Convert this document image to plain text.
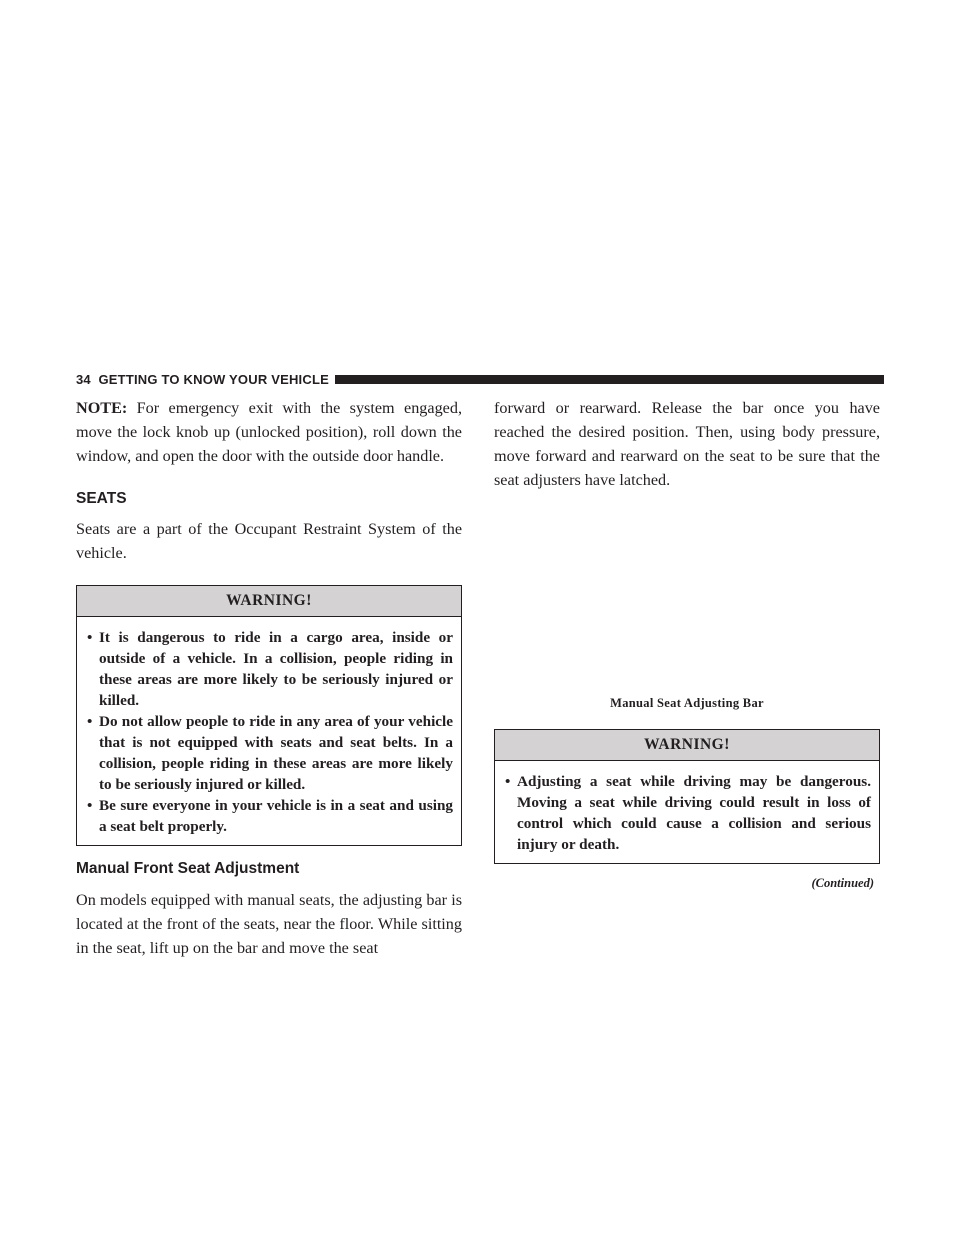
34 GETTING TO KNOW YOUR VEHICLE

NOTE: For emergency exit with the system engaged, move the lock knob up (unlocked position), roll down the window, and open the door with the outside door handle.

SEATS

Seats are a part of the Occupant Restraint System of the vehicle.

WARNING!
• It is dangerous to ride in a cargo area, inside or outside of a vehicle. In a collision, people riding in these areas are more likely to be seriously injured or killed.
• Do not allow people to ride in any area of your vehicle that is not equipped with seats and seat belts. In a collision, people riding in these areas are more likely to be seriously injured or killed.
• Be sure everyone in your vehicle is in a seat and using a seat belt properly.
Manual Front Seat Adjustment

On models equipped with manual seats, the adjusting bar is located at the front of the seats, near the floor. While sitting in the seat, lift up on the bar and move the seat

forward or rearward. Release the bar once you have reached the desired position. Then, using body pressure, move forward and rearward on the seat to be sure that the seat adjusters have latched.

Manual Seat Adjusting Bar
WARNING!
• Adjusting a seat while driving may be dangerous. Moving a seat while driving could result in loss of control which could cause a collision and serious injury or death.
(Continued)
